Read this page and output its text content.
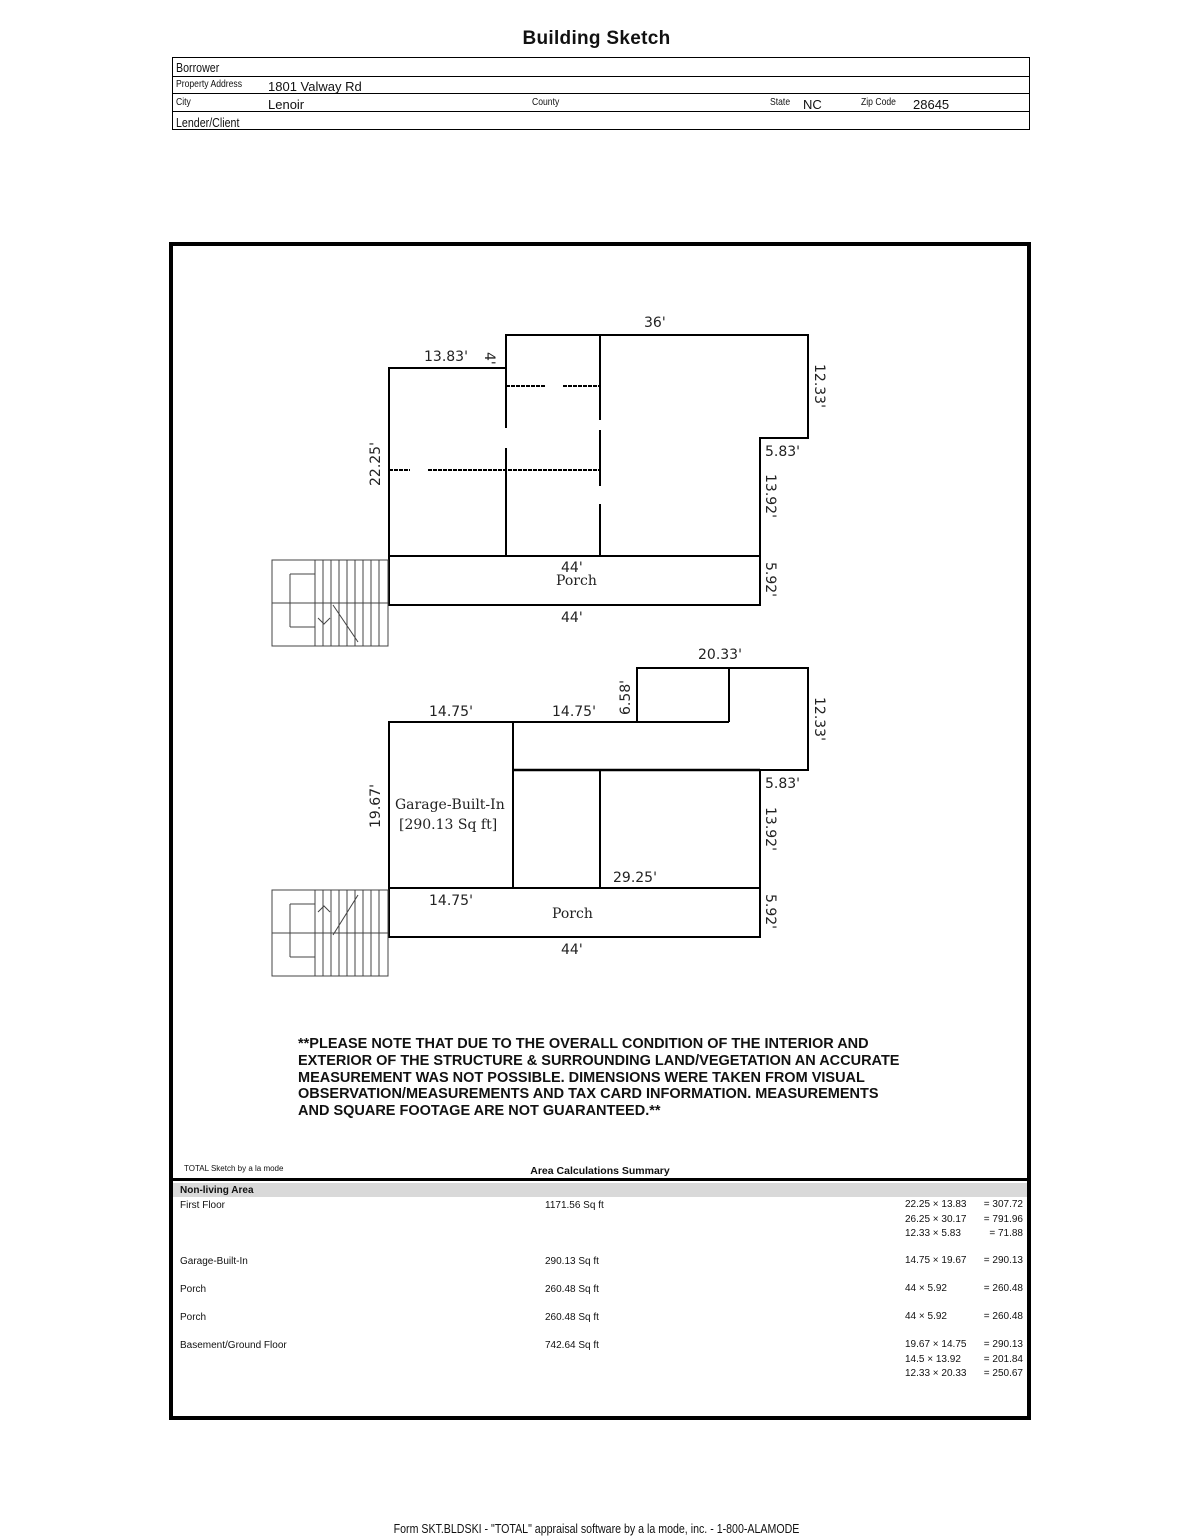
Building Sketch
Borrower
Property Address 1801 Valway Rd
City	Lenoir	County	State NC	Zip Code 28645
Lender/Client
36'
4'
13.83'
22.25'
12.33'
5.83'
13.92'
5.92'
44'
Porch
44'
20.33'
6.58'
14.75'	14.75'	12.33'
5.83'
19.67' Garage-Built-In
[290.13 Sq ft]	13.92'
29.25'
14.75'
Porch	5.92'
44'
**PLEASE NOTE THAT DUE TO THE OVERALL CONDITION OF THE INTERIOR AND
EXTERIOR OF THE STRUCTURE & SURROUNDING LAND/VEGETATION AN ACCURATE
MEASUREMENT WAS NOT POSSIBLE. DIMENSIONS WERE TAKEN FROM VISUAL
OBSERVATION/MEASUREMENTS AND TAX CARD INFORMATION. MEASUREMENTS
AND SQUARE FOOTAGE ARE NOT GUARANTEED.**
TOTAL Sketch by a la mode	Area Calculations Summary
Non-living Area
First Floor	1171.56 Sq ft	22.25 × 13.83 = 307.72
26.25 × 30.17 = 791.96
12.33 × 5.83	= 71.88
Garage-Built-In	290.13 Sq ft	14.75 × 19.67 = 290.13
Porch	260.48 Sq ft	44 × 5.92	= 260.48
Porch	260.48 Sq ft	44 × 5.92	= 260.48
Basement/Ground Floor	742.64 Sq ft	19.67 × 14.75 = 290.13
14.5 × 13.92 = 201.84
12.33 × 20.33 = 250.67
Form SKT.BLDSKI - "TOTAL" appraisal software by a la mode, inc. - 1-800-ALAMODE
